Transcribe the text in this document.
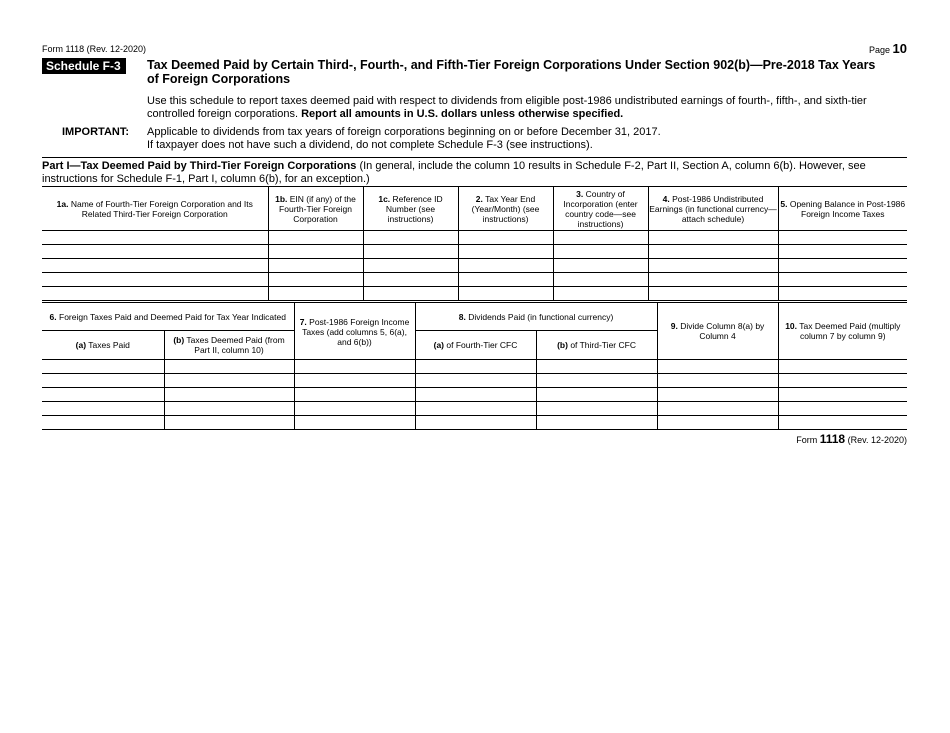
Form 1118 (Rev. 12-2020)	Page 10
Schedule F-3	Tax Deemed Paid by Certain Third-, Fourth-, and Fifth-Tier Foreign Corporations Under Section 902(b)—Pre-2018 Tax Years of Foreign Corporations
Use this schedule to report taxes deemed paid with respect to dividends from eligible post-1986 undistributed earnings of fourth-, fifth-, and sixth-tier controlled foreign corporations. Report all amounts in U.S. dollars unless otherwise specified.
IMPORTANT: Applicable to dividends from tax years of foreign corporations beginning on or before December 31, 2017.
If taxpayer does not have such a dividend, do not complete Schedule F-3 (see instructions).
Part I—Tax Deemed Paid by Third-Tier Foreign Corporations (In general, include the column 10 results in Schedule F-2, Part II, Section A, column 6(b). However, see instructions for Schedule F-1, Part I, column 6(b), for an exception.)
1a. Name of Fourth-Tier Foreign Corporation and Its Related Third-Tier Foreign Corporation	1b. EIN (if any) of the Fourth-Tier Foreign Corporation	1c. Reference ID Number (see instructions)	2. Tax Year End (Year/Month) (see instructions)	3. Country of Incorporation (enter country code—see instructions)	4. Post-1986 Undistributed Earnings (in functional currency—attach schedule)	5. Opening Balance in Post-1986 Foreign Income Taxes

6. Foreign Taxes Paid and Deemed Paid for Tax Year Indicated		7. Post-1986 Foreign Income Taxes (add columns 5, 6(a), and 6(b))	8. Dividends Paid (in functional currency)		9. Divide Column 8(a) by Column 4	10. Tax Deemed Paid (multiply column 7 by column 9)
(a) Taxes Paid	(b) Taxes Deemed Paid (from Part II, column 10)		(a) of Fourth-Tier CFC	(b) of Third-Tier CFC		

Form 1118 (Rev. 12-2020)
